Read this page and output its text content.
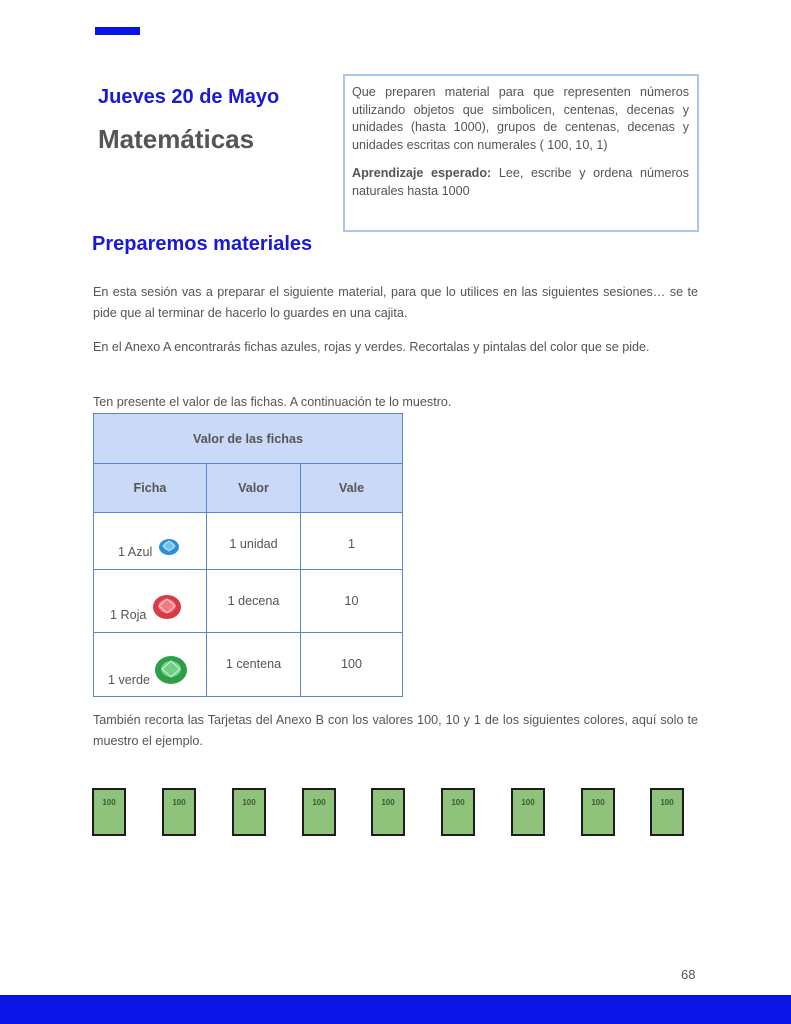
Jueves 20 de Mayo
Matemáticas

Que preparen material para que representen números utilizando objetos que simbolicen, centenas, decenas y unidades (hasta 1000), grupos de centenas, decenas y unidades escritas con numerales ( 100, 10, 1)

Aprendizaje esperado: Lee, escribe y ordena números naturales hasta 1000

Preparemos materiales

En esta sesión vas a preparar el siguiente material, para que lo utilices en las siguientes sesiones… se te pide que al terminar de hacerlo lo guardes en una cajita.

En el Anexo A encontrarás fichas azules, rojas y verdes. Recortalas y pintalas del color que se pide.

Ten presente el valor de las fichas. A continuación te lo muestro.

Valor de las fichas		
Ficha	Valor	Vale

1 Azul	1 unidad	1

1 Roja	1 decena	10

1 verde	1 centena	100

También recorta las Tarjetas del Anexo B con los valores 100, 10 y 1 de los siguientes colores, aquí solo te muestro el ejemplo.

100	100	100	100	100	100	100	100	100
68
